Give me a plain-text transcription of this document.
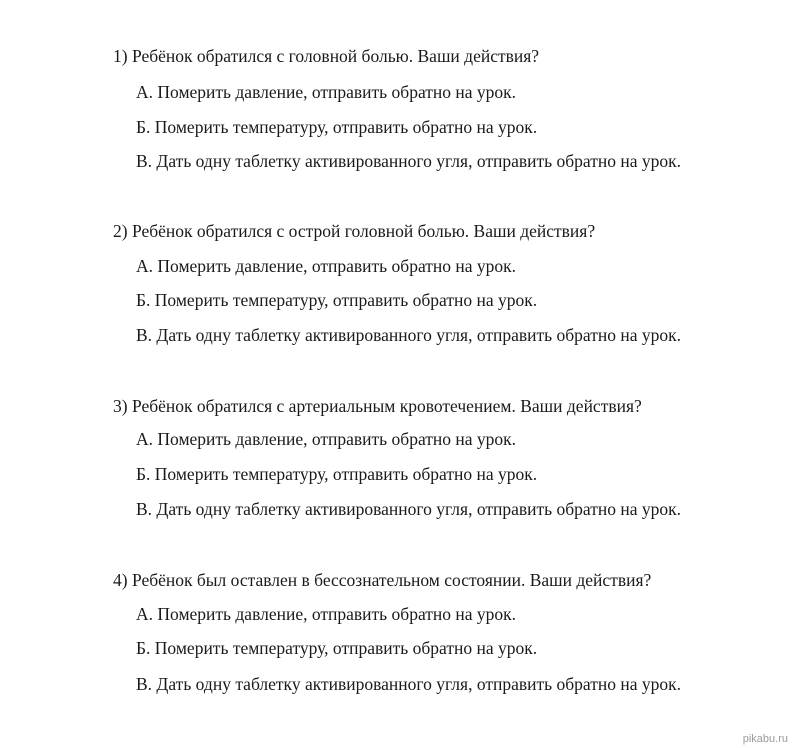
1) Ребёнок обратился с головной болью. Ваши действия?
А. Померить давление, отправить обратно на урок.
Б. Померить температуру, отправить обратно на урок.
В. Дать одну таблетку активированного угля, отправить обратно на урок.
2) Ребёнок обратился с острой головной болью. Ваши действия?
А. Померить давление, отправить обратно на урок.
Б. Померить температуру, отправить обратно на урок.
В. Дать одну таблетку активированного угля, отправить обратно на урок.
3) Ребёнок обратился с артериальным кровотечением. Ваши действия?
А. Померить давление, отправить обратно на урок.
Б. Померить температуру, отправить обратно на урок.
В. Дать одну таблетку активированного угля, отправить обратно на урок.
4) Ребёнок был оставлен в бессознательном состоянии. Ваши действия?
А. Померить давление, отправить обратно на урок.
Б. Померить температуру, отправить обратно на урок.
В. Дать одну таблетку активированного угля, отправить обратно на урок.
pikabu.ru
